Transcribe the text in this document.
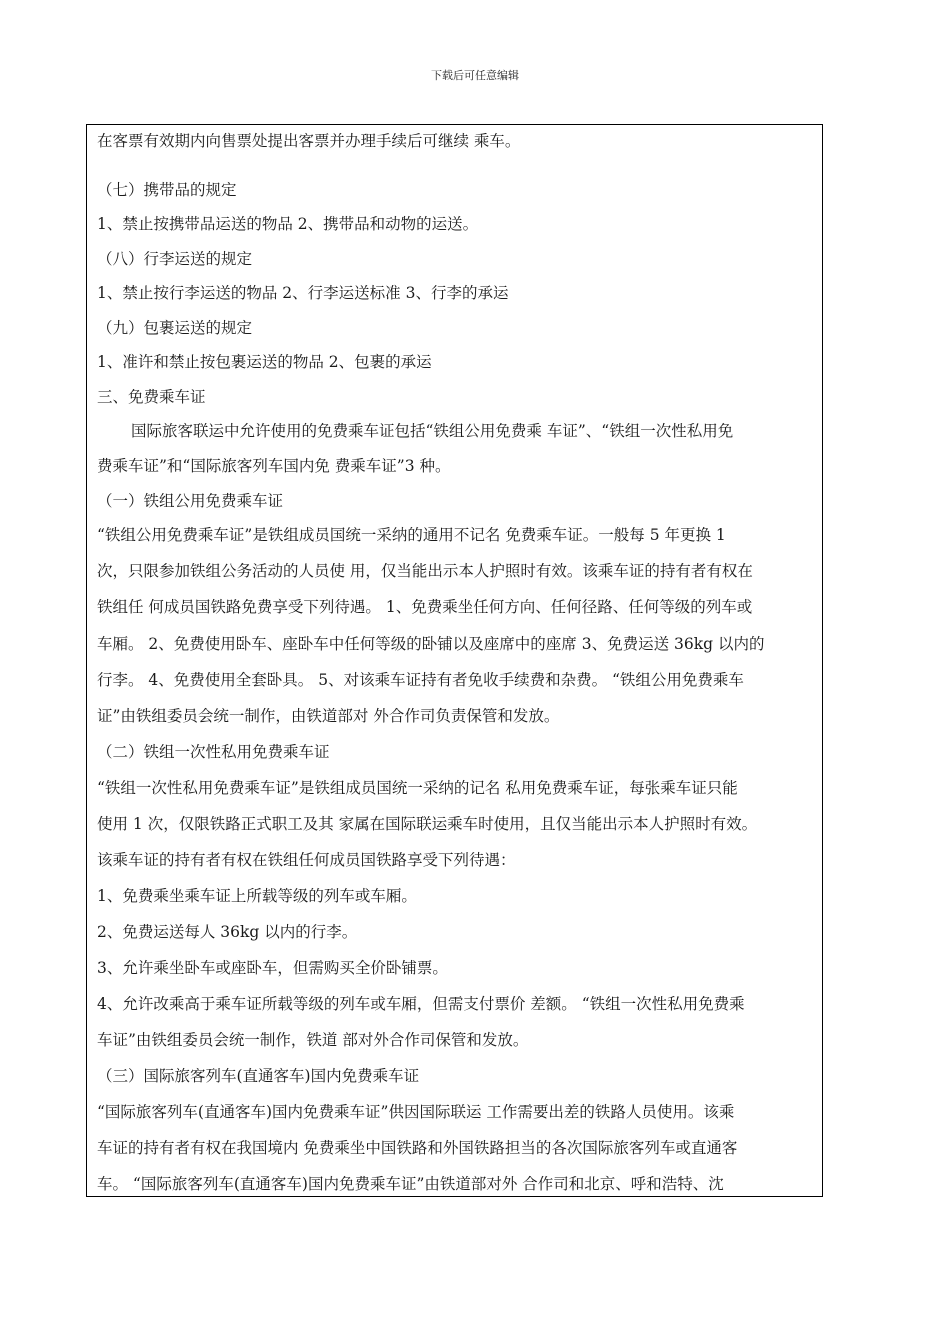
下载后可任意编辑
在客票有效期内向售票处提出客票并办理手续后可继续 乘车。
（七）携带品的规定
1、禁止按携带品运送的物品 2、携带品和动物的运送。
（八）行李运送的规定
1、禁止按行李运送的物品 2、行李运送标准 3、行李的承运
（九）包裹运送的规定
1、准许和禁止按包裹运送的物品 2、包裹的承运
三、免费乘车证
国际旅客联运中允许使用的免费乘车证包括“铁组公用免费乘 车证”、“铁组一次性私用免
费乘车证”和“国际旅客列车国内免 费乘车证”3 种。
（一）铁组公用免费乘车证
“铁组公用免费乘车证”是铁组成员国统一采纳的通用不记名 免费乘车证。一般每 5 年更换 1
次，只限参加铁组公务活动的人员使 用，仅当能出示本人护照时有效。该乘车证的持有者有权在
铁组任 何成员国铁路免费享受下列待遇。 1、免费乘坐任何方向、任何径路、任何等级的列车或
车厢。 2、免费使用卧车、座卧车中任何等级的卧铺以及座席中的座席 3、免费运送 36kg 以内的
行李。 4、免费使用全套卧具。 5、对该乘车证持有者免收手续费和杂费。 “铁组公用免费乘车
证”由铁组委员会统一制作，由铁道部对 外合作司负责保管和发放。
（二）铁组一次性私用免费乘车证
“铁组一次性私用免费乘车证”是铁组成员国统一采纳的记名 私用免费乘车证，每张乘车证只能
使用 1 次，仅限铁路正式职工及其 家属在国际联运乘车时使用，且仅当能出示本人护照时有效。
该乘车证的持有者有权在铁组任何成员国铁路享受下列待遇：
1、免费乘坐乘车证上所载等级的列车或车厢。
2、免费运送每人 36kg 以内的行李。
3、允许乘坐卧车或座卧车，但需购买全价卧铺票。
4、允许改乘高于乘车证所载等级的列车或车厢，但需支付票价 差额。 “铁组一次性私用免费乘
车证”由铁组委员会统一制作，铁道 部对外合作司保管和发放。
（三）国际旅客列车(直通客车)国内免费乘车证
“国际旅客列车(直通客车)国内免费乘车证”供因国际联运 工作需要出差的铁路人员使用。该乘
车证的持有者有权在我国境内 免费乘坐中国铁路和外国铁路担当的各次国际旅客列车或直通客
车。 “国际旅客列车(直通客车)国内免费乘车证”由铁道部对外 合作司和北京、呼和浩特、沈
